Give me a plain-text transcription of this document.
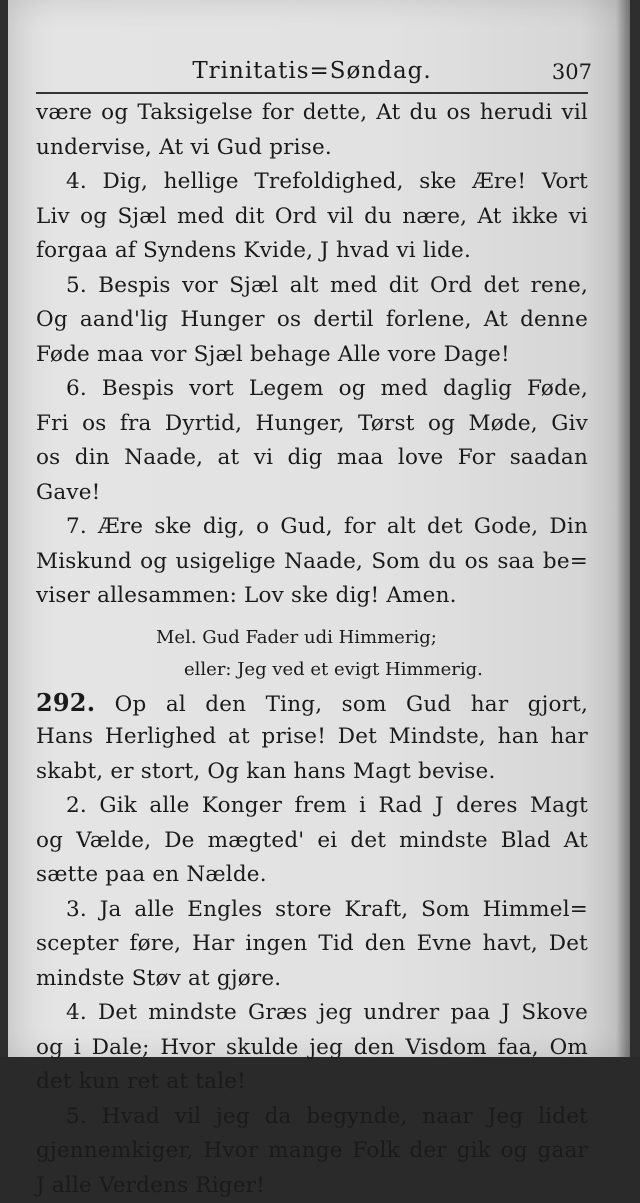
Trinitatis=Søndag.	307
være og Taksigelse for dette, At du os herudi vil
undervise, At vi Gud prise.
4. Dig, hellige Trefoldighed, ske Ære! Vort
Liv og Sjæl med dit Ord vil du nære, At ikke vi
forgaa af Syndens Kvide, J hvad vi lide.
5. Bespis vor Sjæl alt med dit Ord det rene,
Og aand'lig Hunger os dertil forlene, At denne
Føde maa vor Sjæl behage Alle vore Dage!
6. Bespis vort Legem og med daglig Føde,
Fri os fra Dyrtid, Hunger, Tørst og Møde, Giv
os din Naade, at vi dig maa love For saadan
Gave!
7. Ære ske dig, o Gud, for alt det Gode, Din
Miskund og usigelige Naade, Som du os saa be=
viser allesammen: Lov ske dig! Amen.
Mel. Gud Fader udi Himmerig;
eller: Jeg ved et evigt Himmerig.
292. Op al den Ting, som Gud har gjort,
Hans Herlighed at prise! Det Mindste, han har
skabt, er stort, Og kan hans Magt bevise.
2. Gik alle Konger frem i Rad J deres Magt
og Vælde, De mægted' ei det mindste Blad At
sætte paa en Nælde.
3. Ja alle Engles store Kraft, Som Himmel=
scepter føre, Har ingen Tid den Evne havt, Det
mindste Støv at gjøre.
4. Det mindste Græs jeg undrer paa J Skove
og i Dale; Hvor skulde jeg den Visdom faa, Om
det kun ret at tale!
5. Hvad vil jeg da begynde, naar Jeg lidet
gjennemkiger, Hvor mange Folk der gik og gaar
J alle Verdens Riger!
